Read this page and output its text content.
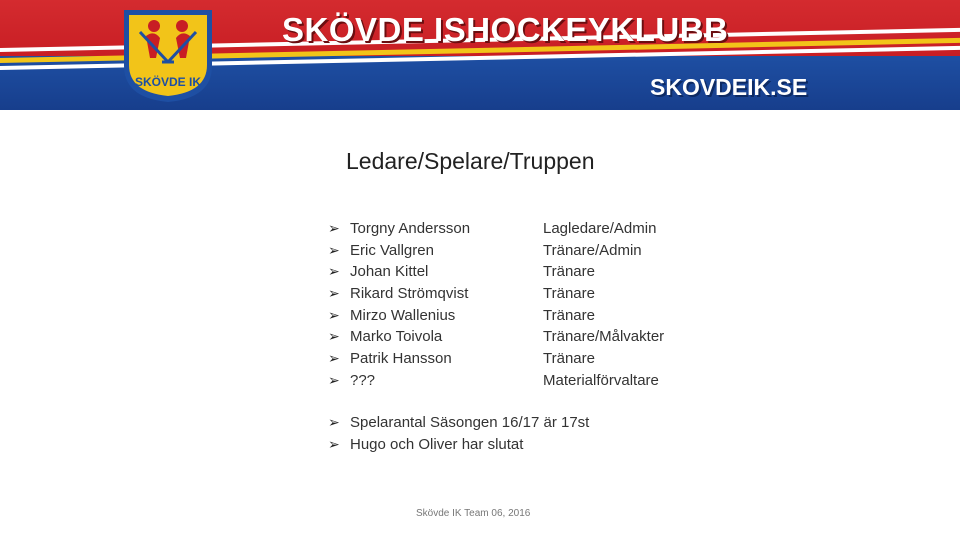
SKÖVDE IK
SKÖVDE ISHOCKEYKLUBB
SKOVDEIK.SE
Ledare/Spelare/Truppen
➢ Torgny Andersson	Lagledare/Admin
➢ Eric Vallgren	Tränare/Admin
➢ Johan Kittel	Tränare
➢ Rikard Strömqvist	Tränare
➢ Mirzo Wallenius	Tränare
➢ Marko Toivola	Tränare/Målvakter
➢ Patrik Hansson	Tränare
➢ ???	Materialförvaltare
➢ Spelarantal Säsongen 16/17 är 17st
➢ Hugo och Oliver har slutat
Skövde IK Team 06, 2016
